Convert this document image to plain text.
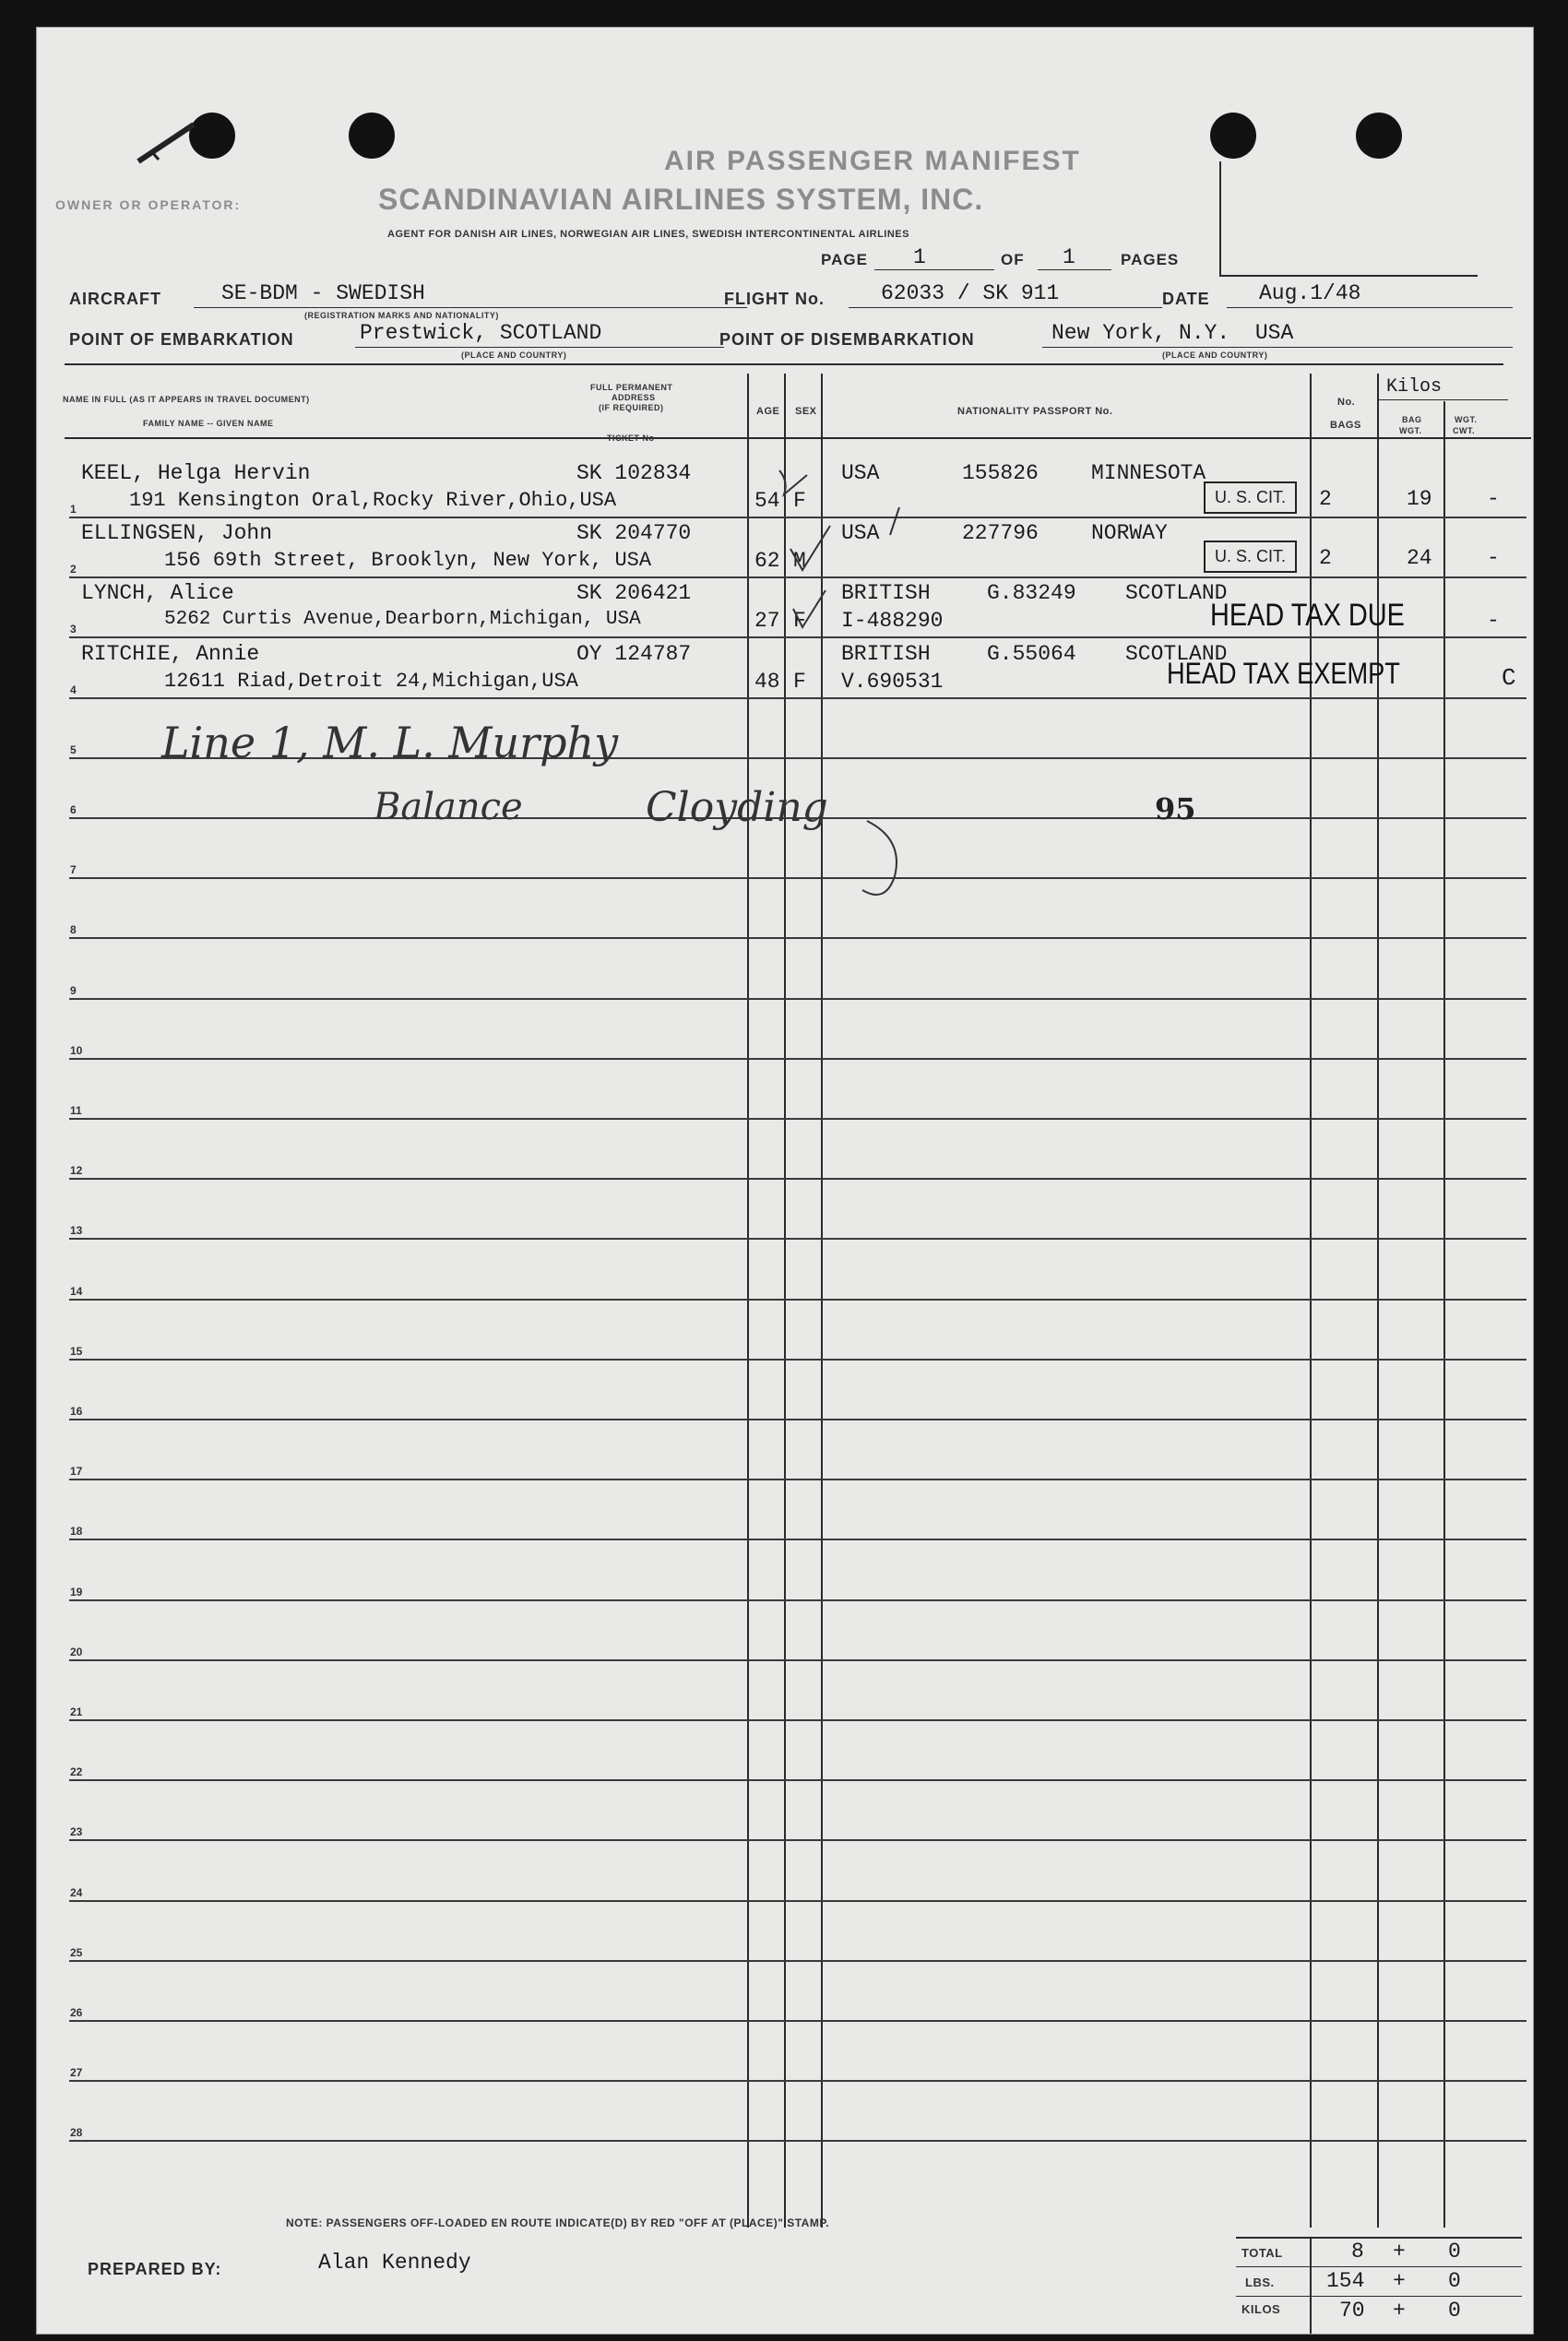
AIR PASSENGER MANIFEST
OWNER OR OPERATOR:	SCANDINAVIAN AIRLINES SYSTEM, INC.
AGENT FOR DANISH AIR LINES, NORWEGIAN AIR LINES, SWEDISH INTERCONTINENTAL AIRLINES
PAGE 1	OF 1	PAGES
AIRCRAFT	SE-BDM - SWEDISH
(REGISTRATION MARKS AND NATIONALITY)
FLIGHT No.	62033 / SK 911	DATE Aug.1/48
POINT OF EMBARKATION	Prestwick, SCOTLAND
(PLACE AND COUNTRY)
POINT OF DISEMBARKATION	New York, N.Y.  USA
(PLACE AND COUNTRY)
NAME IN FULL (AS IT APPEARS IN TRAVEL DOCUMENT)
FAMILY NAME -- GIVEN NAME
FULL PERMANENT
ADDRESS
(IF REQUIRED)
TICKET No
AGE SEX	NATIONALITY PASSPORT No.
No.
BAGS
Kilos
BAG
WGT.
WGT.
CWT.
1
2
3
4
5
6
7
8
9
10
11
12
13
14
15
16
17
18
19
20
21
22
23
24
25
26
27
28
KEEL, Helga Hervin	SK 102834
191 Kensington Oral,Rocky River,Ohio,USA	54 F
USA	155826 MINNESOTA
U. S. CIT.	2	19	-
ELLINGSEN, John	SK 204770
156 69th Street, Brooklyn, New York, USA	62 M
USA	227796 NORWAY
U. S. CIT.	2	24	-
LYNCH, Alice	SK 206421
5262 Curtis Avenue,Dearborn,Michigan, USA	27 F
BRITISH	G.83249 SCOTLAND
I-488290	HEAD TAX DUE	-
RITCHIE, Annie	OY 124787
12611 Riad,Detroit 24,Michigan,USA	48 F
BRITISH	G.55064 SCOTLAND
V.690531	HEAD TAX EXEMPT	C
Line 1, M. L. Murphy
Balance	Cloyding	95
NOTE: PASSENGERS OFF-LOADED EN ROUTE INDICATE(D) BY RED "OFF AT (PLACE)" STAMP.
PREPARED BY:	Alan Kennedy	TOTAL	8 + 0
LBS. 154 + 0
KILOS	70 + 0
